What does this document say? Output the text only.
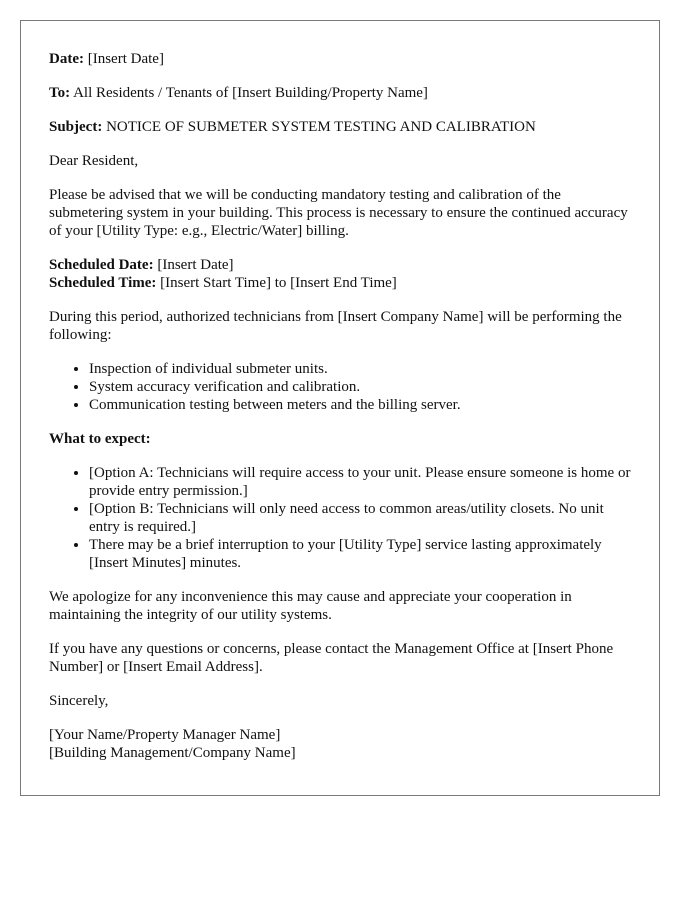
Date: [Insert Date]

To: All Residents / Tenants of [Insert Building/Property Name]

Subject: NOTICE OF SUBMETER SYSTEM TESTING AND CALIBRATION

Dear Resident,

Please be advised that we will be conducting mandatory testing and calibration of the submetering system in your building. This process is necessary to ensure the continued accuracy of your [Utility Type: e.g., Electric/Water] billing.

Scheduled Date: [Insert Date]

Scheduled Time: [Insert Start Time] to [Insert End Time]

During this period, authorized technicians from [Insert Company Name] will be performing the following:

• Inspection of individual submeter units.
• System accuracy verification and calibration.
• Communication testing between meters and the billing server.

What to expect:

• [Option A: Technicians will require access to your unit. Please ensure someone is home or provide entry permission.]
• [Option B: Technicians will only need access to common areas/utility closets. No unit entry is required.]
• There may be a brief interruption to your [Utility Type] service lasting approximately [Insert Minutes] minutes.

We apologize for any inconvenience this may cause and appreciate your cooperation in maintaining the integrity of our utility systems.

If you have any questions or concerns, please contact the Management Office at [Insert Phone Number] or [Insert Email Address].

Sincerely,

[Your Name/Property Manager Name]

[Building Management/Company Name]
